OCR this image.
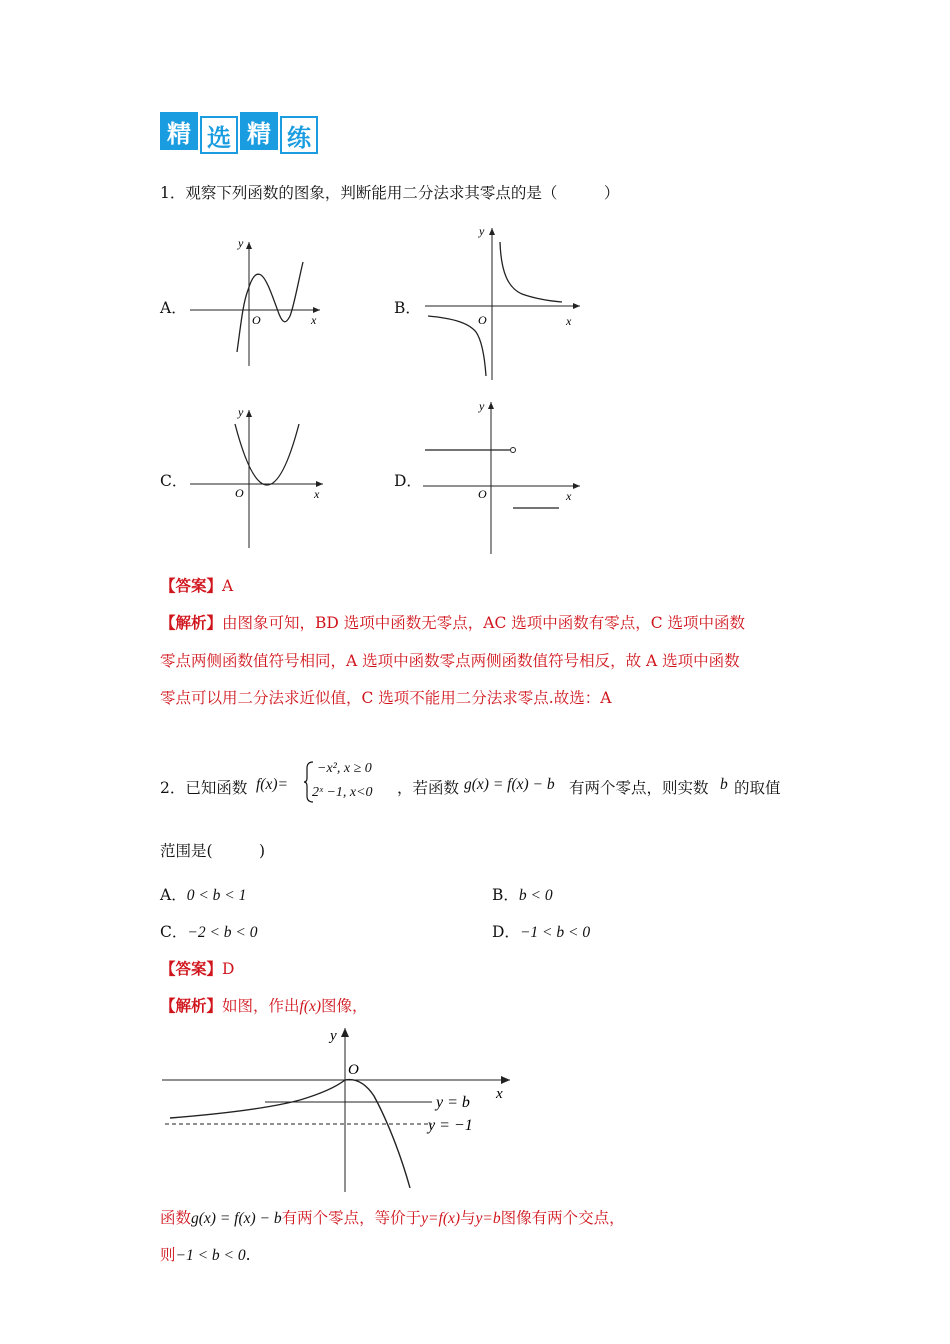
精 选 精 练
1．观察下列函数的图象，判断能用二分法求其零点的是（　　　）
A．	B．
C．	D．
y
x
O
y
x
O
y
x
O
y
x
O
【答案】A
【解析】由图象可知，BD 选项中函数无零点，AC 选项中函数有零点，C 选项中函数
零点两侧函数值符号相同，A 选项中函数零点两侧函数值符号相反，故 A 选项中函数
零点可以用二分法求近似值，C 选项不能用二分法求零点.故选：A
2．已知函数 f(x)=
−x², x ≥ 0
2ˣ −1, x<0 ，若函数 g(x) = f(x) − b 有两个零点，则实数 b 的取值
范围是(　　　)
A．0 < b < 1	B．b < 0
C．−2 < b < 0	D．−1 < b < 0
【答案】D
【解析】如图，作出f(x)图像，
y
x
O
y = b
y = −1
函数g(x) = f(x) − b有两个零点，等价于y=f(x)与y=b图像有两个交点，
则−1 < b < 0.
